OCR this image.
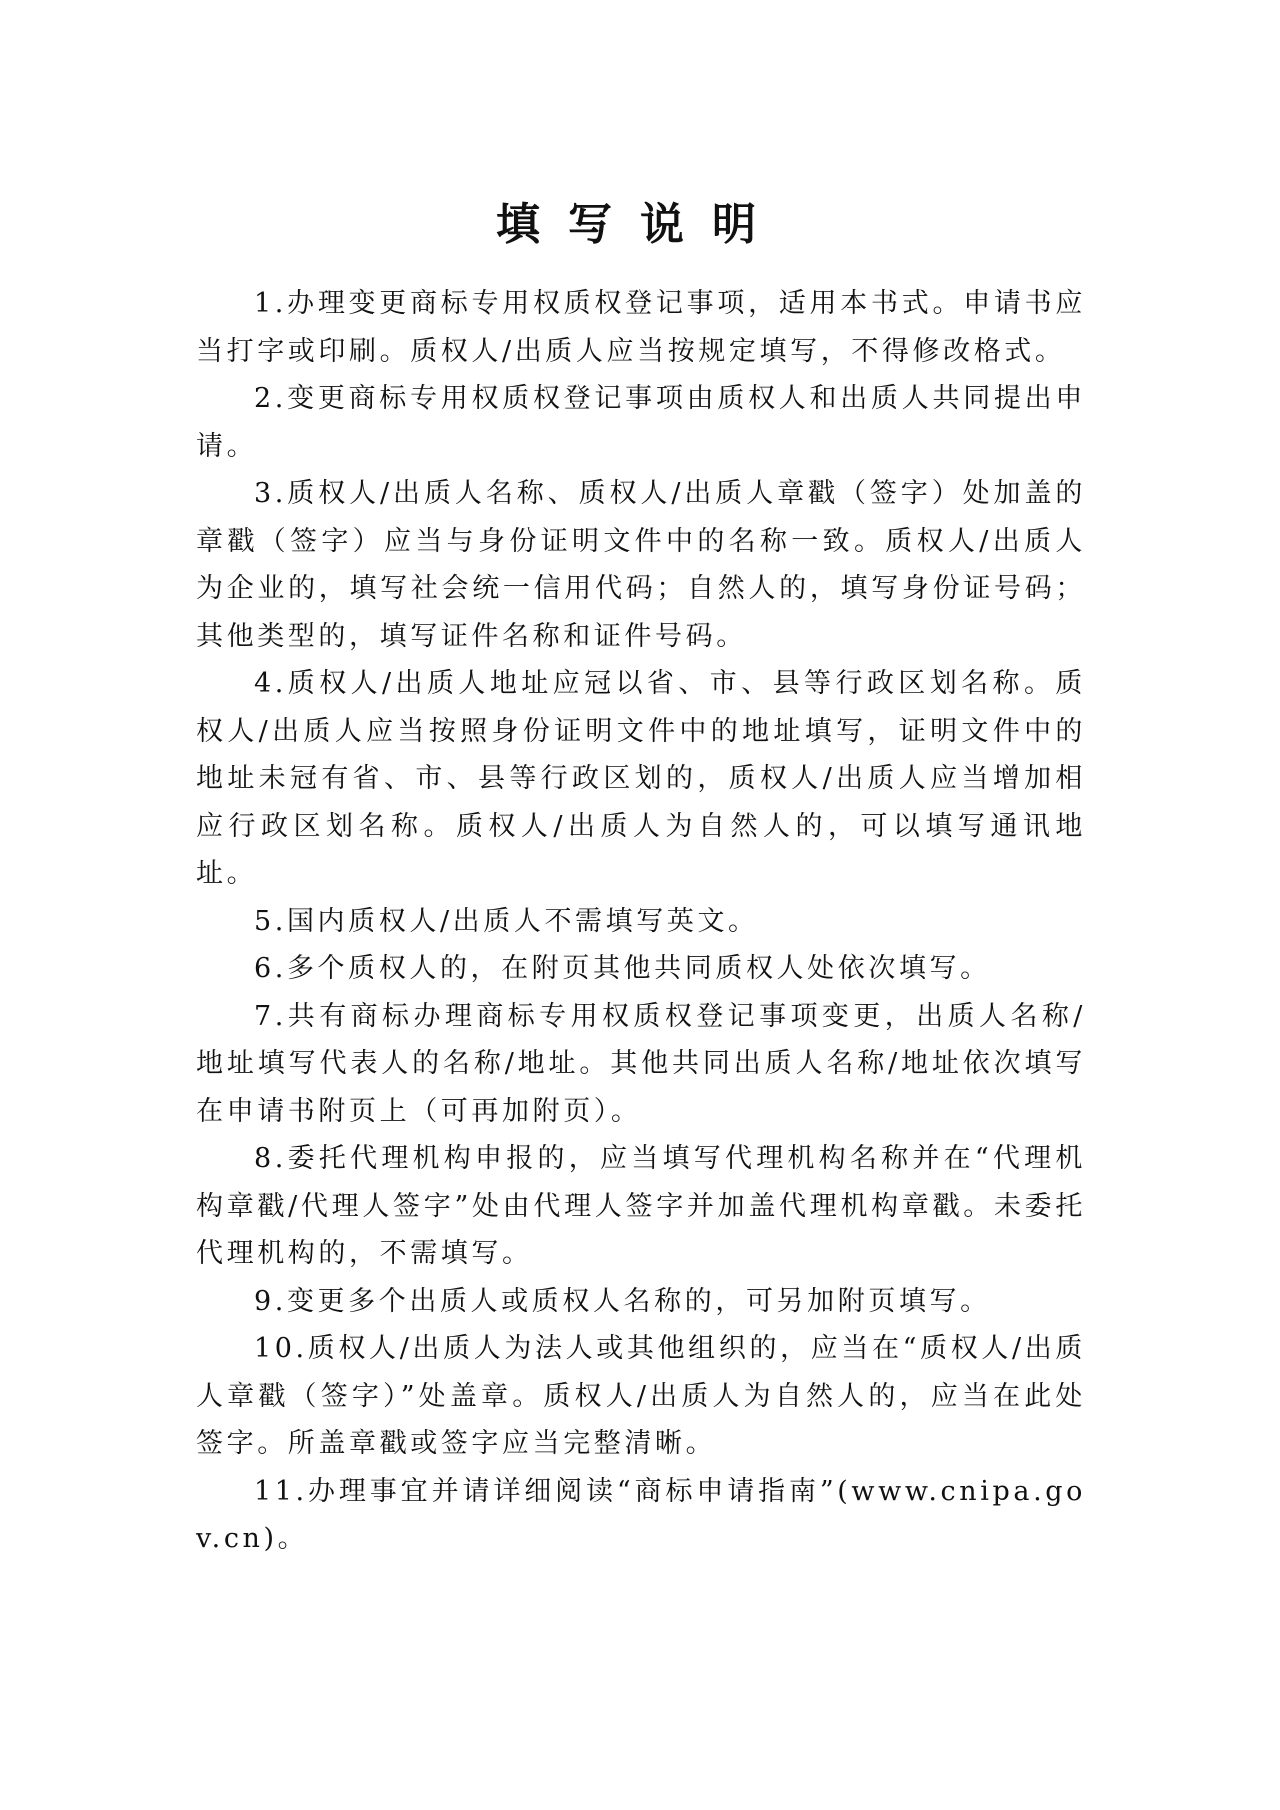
填写说明

1.办理变更商标专用权质权登记事项，适用本书式。申请书应当打字或印刷。质权人/出质人应当按规定填写，不得修改格式。

2.变更商标专用权质权登记事项由质权人和出质人共同提出申请。

3.质权人/出质人名称、质权人/出质人章戳（签字）处加盖的章戳（签字）应当与身份证明文件中的名称一致。质权人/出质人为企业的，填写社会统一信用代码；自然人的，填写身份证号码；其他类型的，填写证件名称和证件号码。

4.质权人/出质人地址应冠以省、市、县等行政区划名称。质权人/出质人应当按照身份证明文件中的地址填写，证明文件中的地址未冠有省、市、县等行政区划的，质权人/出质人应当增加相应行政区划名称。质权人/出质人为自然人的，可以填写通讯地址。

5.国内质权人/出质人不需填写英文。

6.多个质权人的，在附页其他共同质权人处依次填写。

7.共有商标办理商标专用权质权登记事项变更，出质人名称/地址填写代表人的名称/地址。其他共同出质人名称/地址依次填写在申请书附页上（可再加附页）。

8.委托代理机构申报的，应当填写代理机构名称并在“代理机构章戳/代理人签字”处由代理人签字并加盖代理机构章戳。未委托代理机构的，不需填写。

9.变更多个出质人或质权人名称的，可另加附页填写。

10.质权人/出质人为法人或其他组织的，应当在“质权人/出质人章戳（签字）”处盖章。质权人/出质人为自然人的，应当在此处签字。所盖章戳或签字应当完整清晰。

11.办理事宜并请详细阅读“商标申请指南”(www.cnipa.gov.cn)。
